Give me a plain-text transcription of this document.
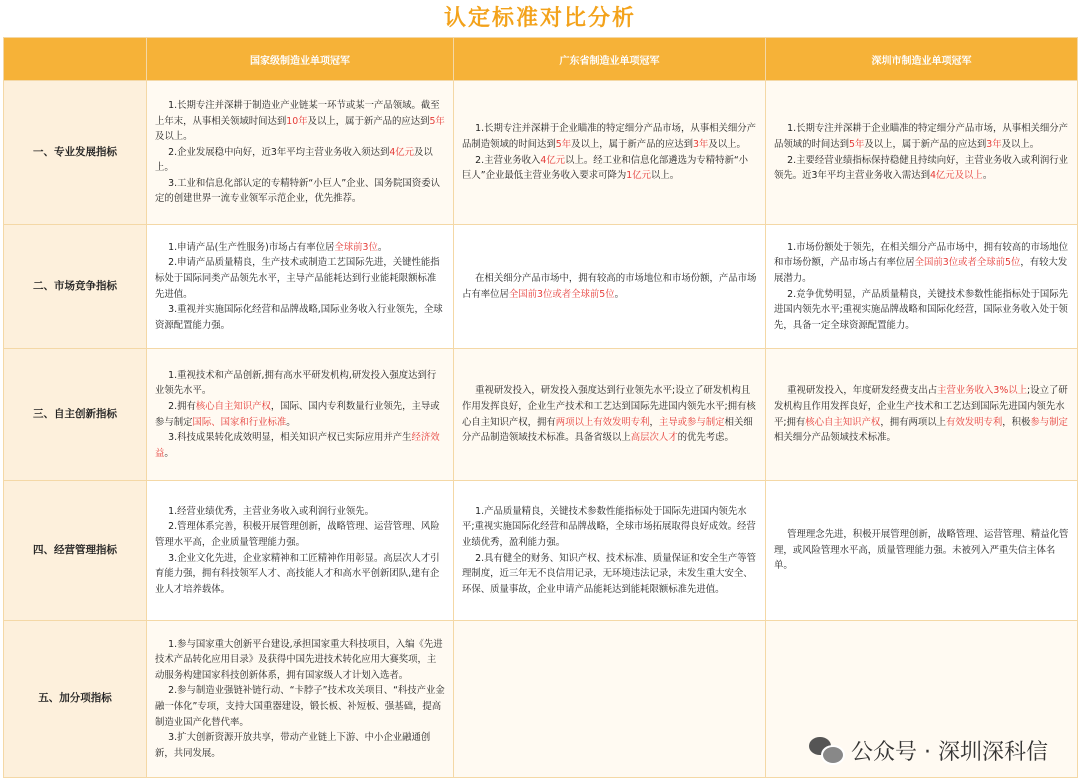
认定标准对比分析
	国家级制造业单项冠军	广东省制造业单项冠军	深圳市制造业单项冠军
一、专业发展指标	1.长期专注并深耕于制造业产业链某一环节或某一产品领域。截至上年末，从事相关领域时间达到10年及以上，属于新产品的应达到5年及以上。
2.企业发展稳中向好，近3年平均主营业务收入须达到4亿元及以上。
3.工业和信息化部认定的专精特新“小巨人”企业、国务院国资委认定的创建世界一流专业领军示范企业，优先推荐。	1.长期专注并深耕于企业瞄准的特定细分产品市场，从事相关细分产品制造领域的时间达到5年及以上，属于新产品的应达到3年及以上。
2.主营业务收入4亿元以上。经工业和信息化部遴选为专精特新“小巨人”企业最低主营业务收入要求可降为1亿元以上。	1.长期专注并深耕于企业瞄准的特定细分产品市场，从事相关细分产品领域的时间达到5年及以上，属于新产品的应达到3年及以上。
2.主要经营业绩指标保持稳健且持续向好，主营业务收入或利润行业领先。近3年平均主营业务收入需达到4亿元及以上。

二、市场竞争指标	1.申请产品(生产性服务)市场占有率位居全球前3位。
2.申请产品质量精良，生产技术或制造工艺国际先进，关键性能指标处于国际同类产品领先水平，主导产品能耗达到行业能耗限额标准先进值。
3.重视并实施国际化经营和品牌战略,国际业务收入行业领先，全球资源配置能力强。	在相关细分产品市场中，拥有较高的市场地位和市场份额，产品市场占有率位居全国前3位或者全球前5位。	1.市场份额处于领先，在相关细分产品市场中，拥有较高的市场地位和市场份额，产品市场占有率位居全国前3位或者全球前5位，有较大发展潜力。
2.竞争优势明显，产品质量精良，关键技术参数性能指标处于国际先进国内领先水平;重视实施品牌战略和国际化经营，国际业务收入处于领先，具备一定全球资源配置能力。

三、自主创新指标	1.重视技术和产品创新,拥有高水平研发机构,研发投入强度达到行业领先水平。
2.拥有核心自主知识产权，国际、国内专利数量行业领先，主导或参与制定国际、国家和行业标准。
3.科技成果转化成效明显，相关知识产权已实际应用并产生经济效益。	重视研发投入，研发投入强度达到行业领先水平;设立了研发机构且作用发挥良好，企业生产技术和工艺达到国际先进国内领先水平;拥有核心自主知识产权，拥有两项以上有效发明专利，主导或参与制定相关细分产品制造领域技术标准。具备省级以上高层次人才的优先考虑。	重视研发投入，年度研发经费支出占主营业务收入3%以上;设立了研发机构且作用发挥良好，企业生产技术和工艺达到国际先进国内领先水平;拥有核心自主知识产权，拥有两项以上有效发明专利，积极参与制定相关细分产品领域技术标准。

四、经营管理指标	1.经营业绩优秀，主营业务收入或利润行业领先。
2.管理体系完善，积极开展管理创新，战略管理、运营管理、风险管理水平高，企业质量管理能力强。
3.企业文化先进，企业家精神和工匠精神作用彰显。高层次人才引育能力强，拥有科技领军人才、高技能人才和高水平创新团队,建有企业人才培养载体。	1.产品质量精良，关键技术参数性能指标处于国际先进国内领先水平;重视实施国际化经营和品牌战略，全球市场拓展取得良好成效。经营业绩优秀，盈利能力强。
2.具有健全的财务、知识产权、技术标准、质量保证和安全生产等管理制度，近三年无不良信用记录，无环境违法记录，未发生重大安全、环保、质量事故，企业申请产品能耗达到能耗限额标准先进值。	管理理念先进，积极开展管理创新，战略管理、运营管理、精益化管理，或风险管理水平高，质量管理能力强。未被列入严重失信主体名单。

五、加分项指标	1.参与国家重大创新平台建设,承担国家重大科技项目，入编《先进技术产品转化应用目录》及获得中国先进技术转化应用大赛奖项，主动服务构建国家科技创新体系，拥有国家级人才计划入选者。
2.参与制造业强链补链行动、“卡脖子”技术攻关项目、“科技产业金融一体化”专项，支持大国重器建设，锻长板、补短板、强基础，提高制造业国产化替代率。
3.扩大创新资源开放共享，带动产业链上下游、中小企业融通创新，共同发展。		
			公众号 · 深圳深科信
